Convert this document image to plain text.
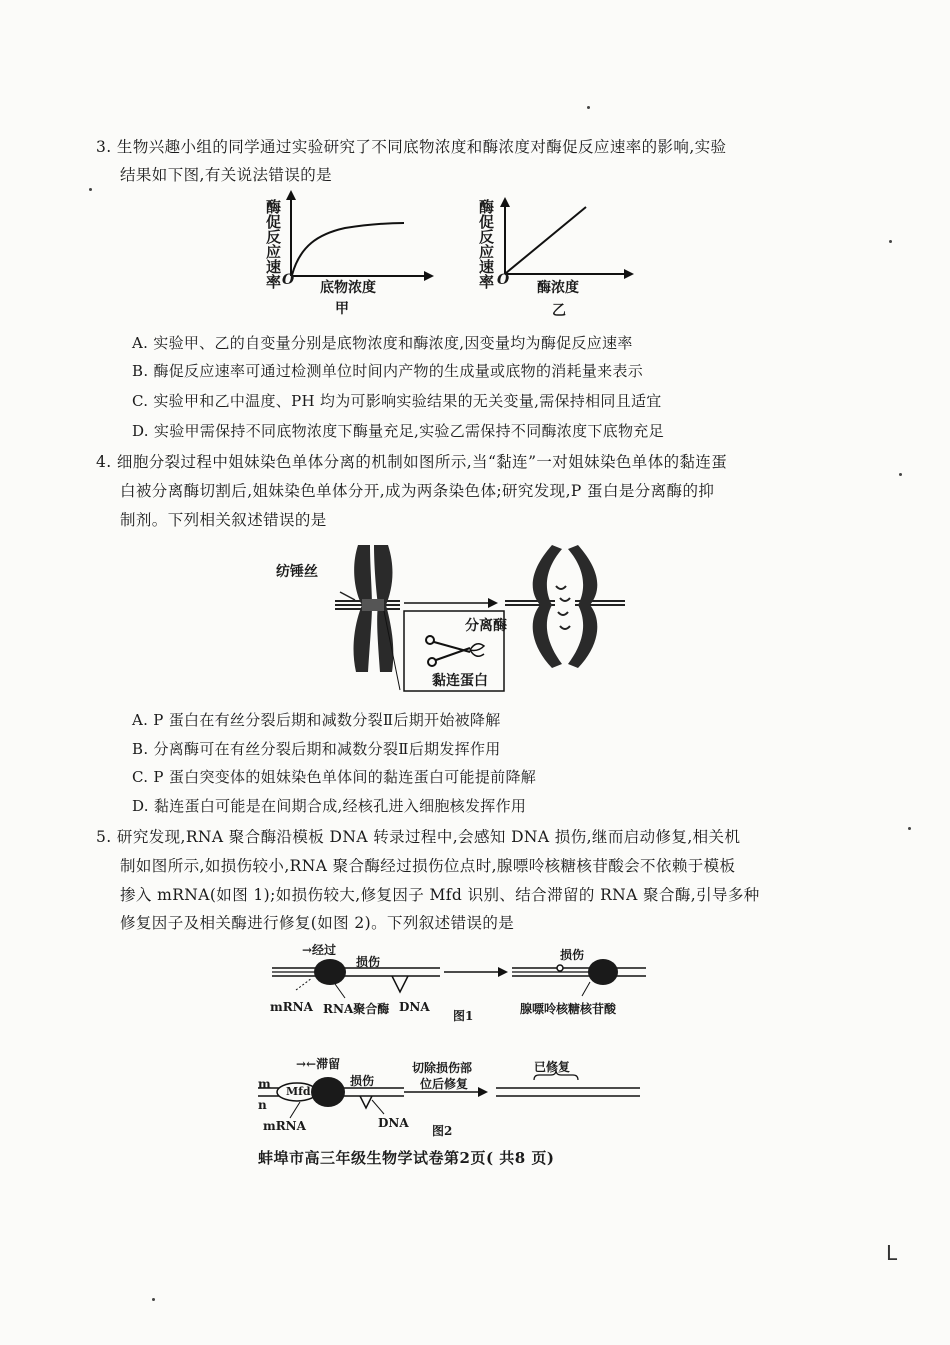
3. 生物兴趣小组的同学通过实验研究了不同底物浓度和酶浓度对酶促反应速率的影响,实验
结果如下图,有关说法错误的是
酶促反应速率 O 底物浓度
甲
酶促反应速率 O 酶浓度
乙
A. 实验甲、乙的自变量分别是底物浓度和酶浓度,因变量均为酶促反应速率
B. 酶促反应速率可通过检测单位时间内产物的生成量或底物的消耗量来表示
C. 实验甲和乙中温度、PH 均为可影响实验结果的无关变量,需保持相同且适宜
D. 实验甲需保持不同底物浓度下酶量充足,实验乙需保持不同酶浓度下底物充足
4. 细胞分裂过程中姐妹染色单体分离的机制如图所示,当“黏连”一对姐妹染色单体的黏连蛋
白被分离酶切割后,姐妹染色单体分开,成为两条染色体;研究发现,P 蛋白是分离酶的抑
制剂。下列相关叙述错误的是
纺锤丝
分离酶
黏连蛋白
A. P 蛋白在有丝分裂后期和减数分裂Ⅱ后期开始被降解
B. 分离酶可在有丝分裂后期和减数分裂Ⅱ后期发挥作用
C. P 蛋白突变体的姐妹染色单体间的黏连蛋白可能提前降解
D. 黏连蛋白可能是在间期合成,经核孔进入细胞核发挥作用
5. 研究发现,RNA 聚合酶沿模板 DNA 转录过程中,会感知 DNA 损伤,继而启动修复,相关机
制如图所示,如损伤较小,RNA 聚合酶经过损伤位点时,腺嘌呤核糖核苷酸会不依赖于模板
掺入 mRNA(如图 1);如损伤较大,修复因子 Mfd 识别、结合滞留的 RNA 聚合酶,引导多种
修复因子及相关酶进行修复(如图 2)。下列叙述错误的是
→经过
损伤
mRNA RNA聚合酶 DNA
图1
损伤
腺嘌呤核糖核苷酸
→←滞留
损伤
m
n
Mfd
mRNA	DNA
图2
切除损伤部
位后修复
已修复
蚌埠市高三年级生物学试卷第2页( 共8 页)
L
